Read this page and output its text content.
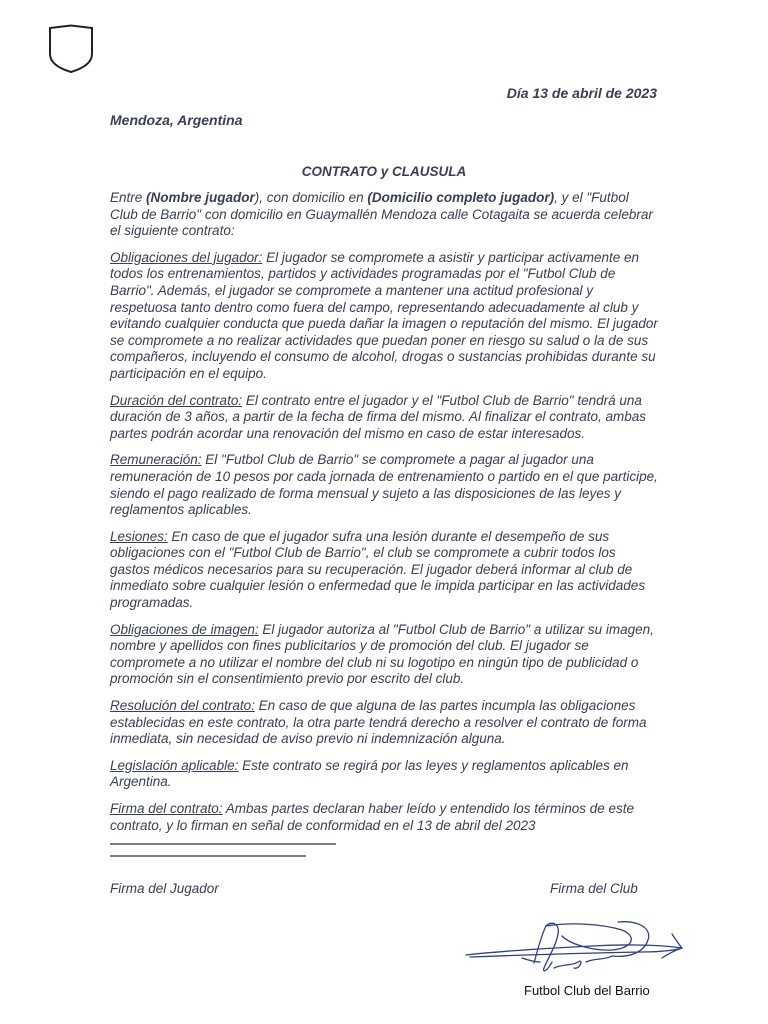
Día 13 de abril de 2023
Mendoza, Argentina
CONTRATO y CLAUSULA

Entre (Nombre jugador), con domicilio en (Domicilio completo jugador), y el "Futbol Club de Barrio" con domicilio en Guaymallén Mendoza calle Cotagaita se acuerda celebrar el siguiente contrato:

Obligaciones del jugador: El jugador se compromete a asistir y participar activamente en todos los entrenamientos, partidos y actividades programadas por el "Futbol Club de Barrio". Además, el jugador se compromete a mantener una actitud profesional y respetuosa tanto dentro como fuera del campo, representando adecuadamente al club y evitando cualquier conducta que pueda dañar la imagen o reputación del mismo. El jugador se compromete a no realizar actividades que puedan poner en riesgo su salud o la de sus compañeros, incluyendo el consumo de alcohol, drogas o sustancias prohibidas durante su participación en el equipo.

Duración del contrato: El contrato entre el jugador y el "Futbol Club de Barrio" tendrá una duración de 3 años, a partir de la fecha de firma del mismo. Al finalizar el contrato, ambas partes podrán acordar una renovación del mismo en caso de estar interesados.

Remuneración: El "Futbol Club de Barrio" se compromete a pagar al jugador una remuneración de 10 pesos por cada jornada de entrenamiento o partido en el que participe, siendo el pago realizado de forma mensual y sujeto a las disposiciones de las leyes y reglamentos aplicables.

Lesiones: En caso de que el jugador sufra una lesión durante el desempeño de sus obligaciones con el "Futbol Club de Barrio", el club se compromete a cubrir todos los gastos médicos necesarios para su recuperación. El jugador deberá informar al club de inmediato sobre cualquier lesión o enfermedad que le impida participar en las actividades programadas.

Obligaciones de imagen: El jugador autoriza al "Futbol Club de Barrio" a utilizar su imagen, nombre y apellidos con fines publicitarios y de promoción del club. El jugador se compromete a no utilizar el nombre del club ni su logotipo en ningún tipo de publicidad o promoción sin el consentimiento previo por escrito del club.

Resolución del contrato: En caso de que alguna de las partes incumpla las obligaciones establecidas en este contrato, la otra parte tendrá derecho a resolver el contrato de forma inmediata, sin necesidad de aviso previo ni indemnización alguna.

Legislación aplicable: Este contrato se regirá por las leyes y reglamentos aplicables en Argentina.

Firma del contrato: Ambas partes declaran haber leído y entendido los términos de este contrato, y lo firman en señal de conformidad en el 13 de abril del 2023

Firma del Jugador	Firma del Club
Futbol Club del Barrio
